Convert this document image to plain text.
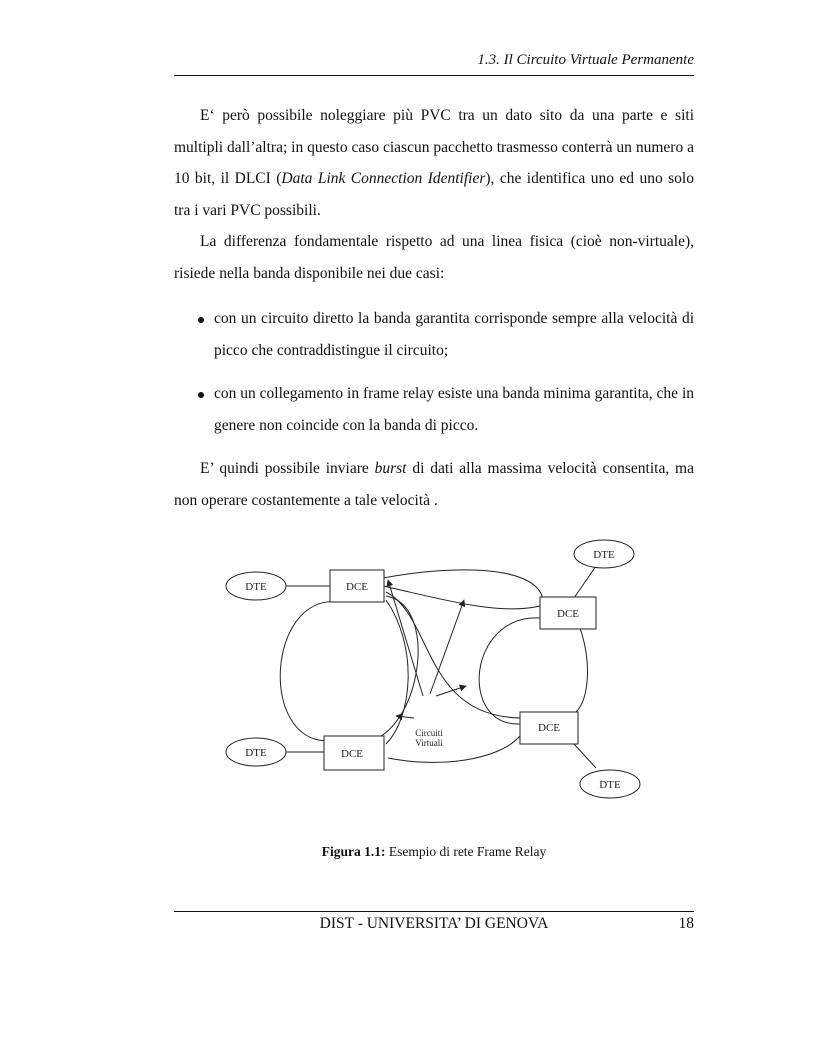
1.3. Il Circuito Virtuale Permanente

E‘ però possibile noleggiare più PVC tra un dato sito da una parte e siti multipli dall’altra; in questo caso ciascun pacchetto trasmesso conterrà un numero a 10 bit, il DLCI (Data Link Connection Identifier), che identifica uno ed uno solo tra i vari PVC possibili.

La differenza fondamentale rispetto ad una linea fisica (cioè non-virtuale), risiede nella banda disponibile nei due casi:

con un circuito diretto la banda garantita corrisponde sempre alla velocità di picco che contraddistingue il circuito;
con un collegamento in frame relay esiste una banda minima garantita, che in genere non coincide con la banda di picco.

E’ quindi possibile inviare burst di dati alla massima velocità consentita, ma non operare costantemente a tale velocità .

DTE	DCE
DTE
DCE
DTE	DCE
DCE
DTE
Circuiti
Virtuali
Figura 1.1: Esempio di rete Frame Relay
DIST - UNIVERSITA’ DI GENOVA	18
